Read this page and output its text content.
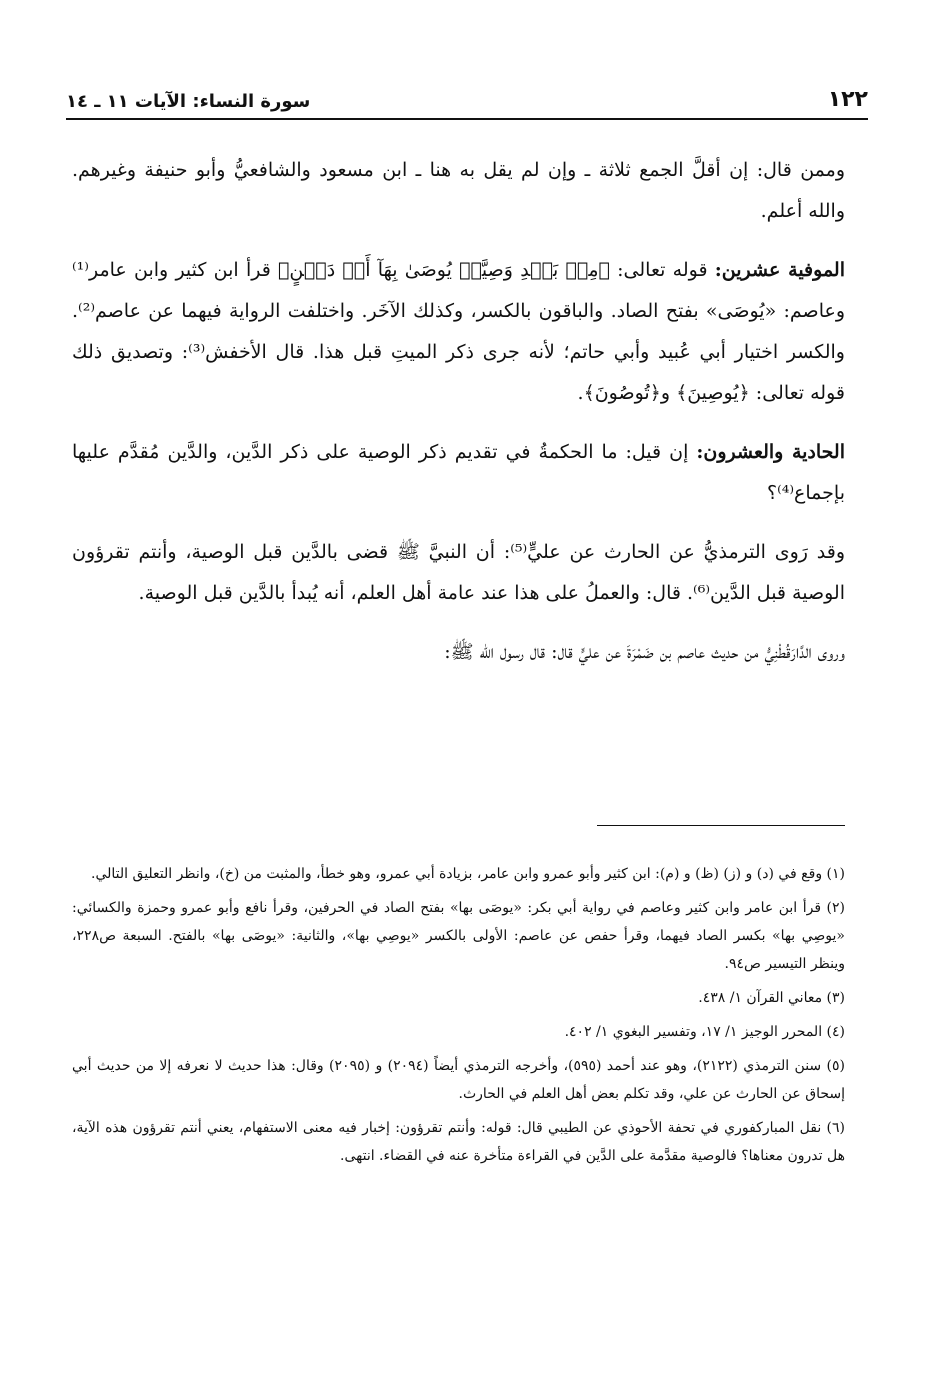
سورة النساء: الآيات ١١ ـ ١٤	١٢٢

وممن قال: إن أقلَّ الجمع ثلاثة ـ وإن لم يقل به هنا ـ ابن مسعود والشافعيُّ وأبو حنيفة وغيرهم. والله أعلم.

الموفية عشرين: قوله تعالى: ﴿مِنۢ بَعۡدِ وَصِيَّةٖ يُوصَىٰ بِهَآ أَوۡ دَيۡنٍ﴾ قرأ ابن كثير وابن عامر⁽¹⁾ وعاصم: «يُوصَى» بفتح الصاد. والباقون بالكسر، وكذلك الآخَر. واختلفت الرواية فيهما عن عاصم⁽²⁾. والكسر اختيار أبي عُبيد وأبي حاتم؛ لأنه جرى ذكر الميتِ قبل هذا. قال الأخفش⁽³⁾: وتصديق ذلك قوله تعالى: ﴿يُوصِينَ﴾ و﴿تُوصُونَ﴾.

الحادية والعشرون: إن قيل: ما الحكمةُ في تقديم ذكر الوصية على ذكر الدَّين، والدَّين مُقدَّم عليها بإجماع⁽⁴⁾؟

وقد رَوى الترمذيُّ عن الحارث عن عليٍّ⁽⁵⁾: أن النبيَّ ﷺ قضى بالدَّين قبل الوصية، وأنتم تقرؤون الوصية قبل الدَّين⁽⁶⁾. قال: والعملُ على هذا عند عامة أهل العلم، أنه يُبدأ بالدَّين قبل الوصية.

وروى الدَّارَقُطْنِيُّ من حديث عاصم بن ضَمْرَةَ عن عليٍّ قال: قال رسول الله ﷺ:

(١) وقع في (د) و (ز) (ظ) و (م): ابن كثير وأبو عمرو وابن عامر، بزيادة أبي عمرو، وهو خطأ، والمثبت من (خ)، وانظر التعليق التالي.
(٢) قرأ ابن عامر وابن كثير وعاصم في رواية أبي بكر: «يوصَى بها» بفتح الصاد في الحرفين، وقرأ نافع وأبو عمرو وحمزة والكسائي: «يوصِي بها» بكسر الصاد فيهما، وقرأ حفص عن عاصم: الأولى بالكسر «يوصِي بها»، والثانية: «يوصَى بها» بالفتح. السبعة ص٢٢٨، وينظر التيسير ص٩٤.
(٣) معاني القرآن ١/ ٤٣٨.
(٤) المحرر الوجيز ١/ ١٧، وتفسير البغوي ١/ ٤٠٢.
(٥) سنن الترمذي (٢١٢٢)، وهو عند أحمد (٥٩٥)، وأخرجه الترمذي أيضاً (٢٠٩٤) و (٢٠٩٥) وقال: هذا حديث لا نعرفه إلا من حديث أبي إسحاق عن الحارث عن علي، وقد تكلم بعض أهل العلم في الحارث.
(٦) نقل المباركفوري في تحفة الأحوذي عن الطيبي قال: قوله: وأنتم تقرؤون: إخبار فيه معنى الاستفهام، يعني أنتم تقرؤون هذه الآية، هل تدرون معناها؟ فالوصية مقدَّمة على الدَّين في القراءة متأخرة عنه في القضاء. انتهى.
